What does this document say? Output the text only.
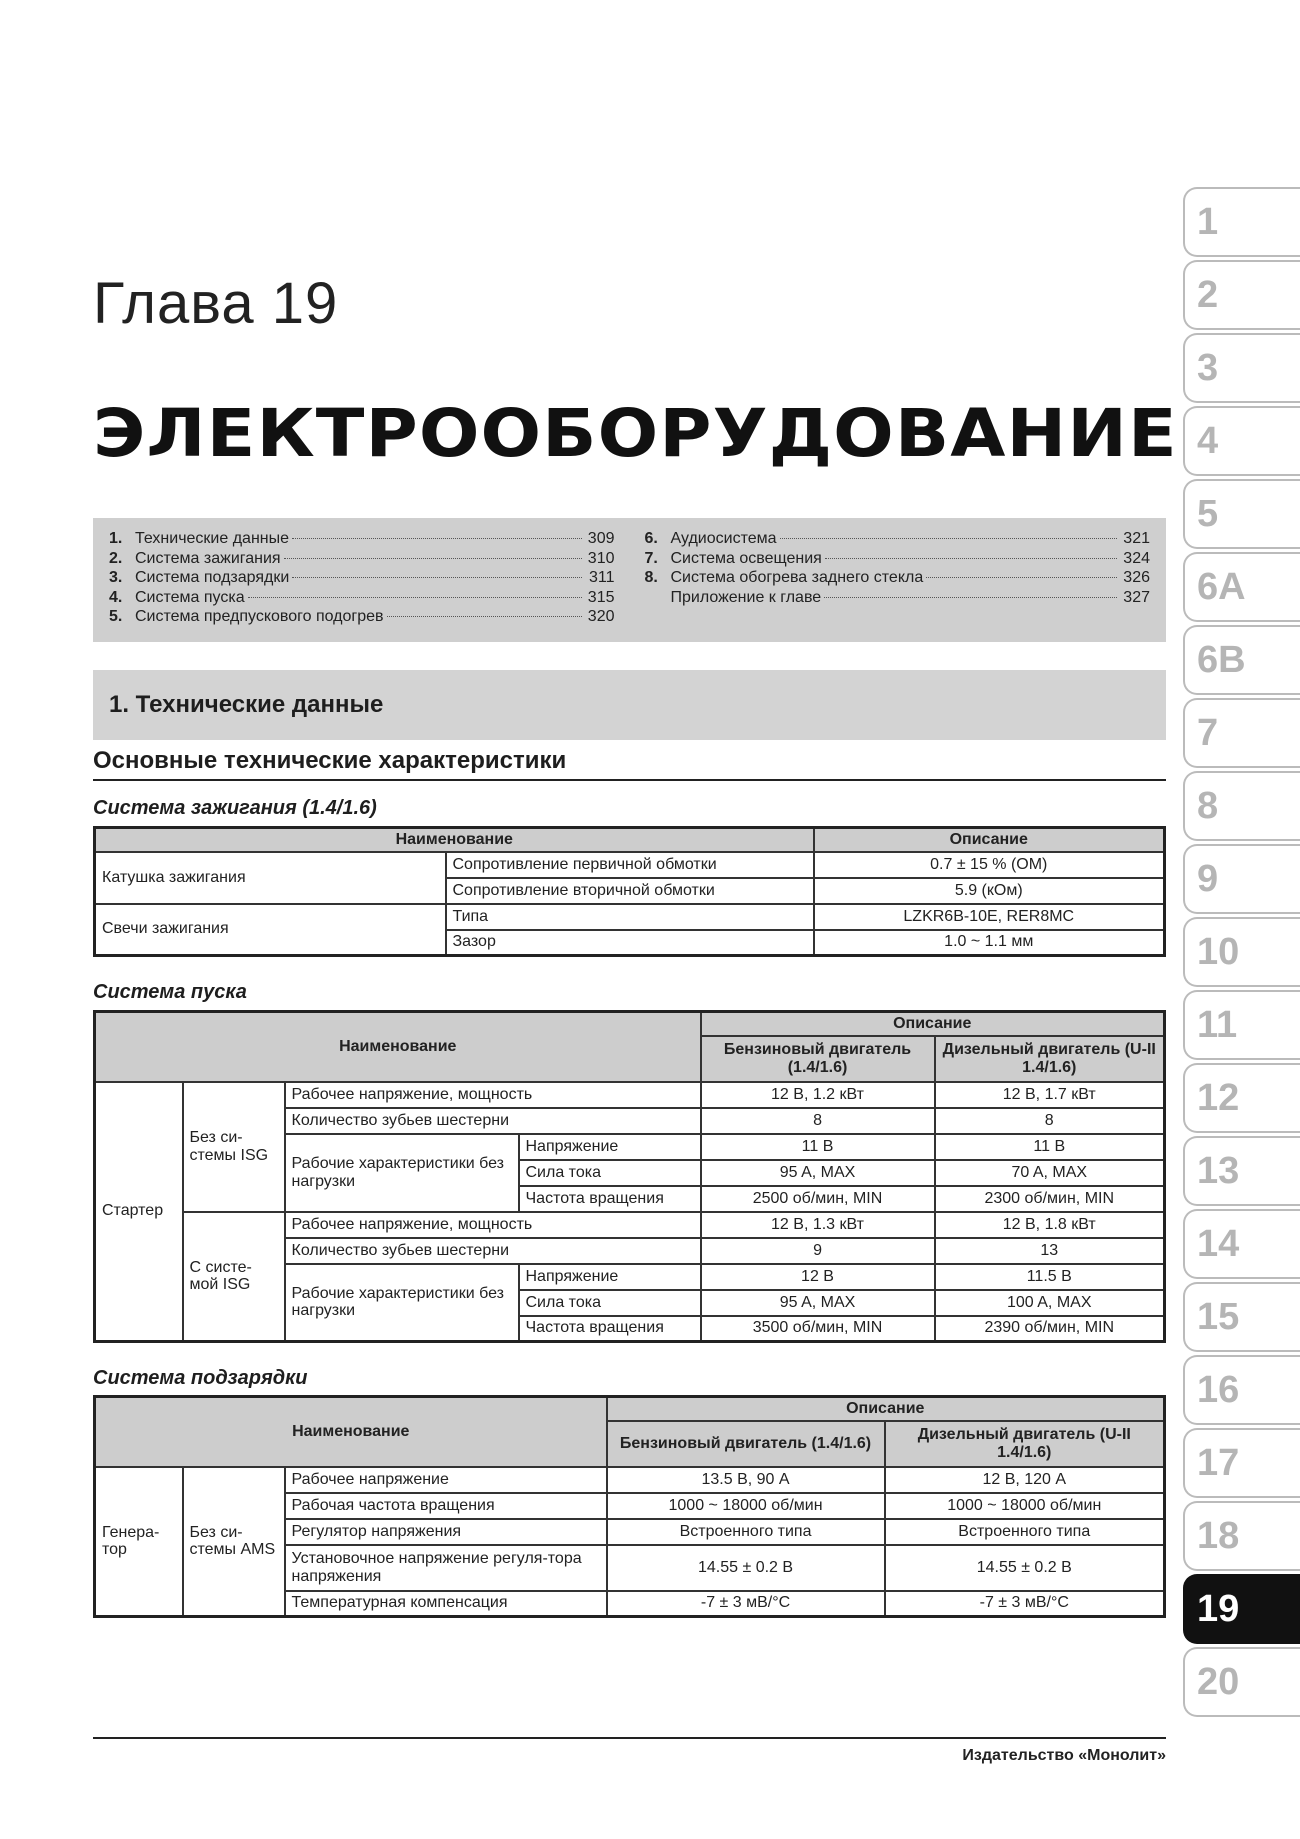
Глава 19
ЭЛЕКТРООБОРУДОВАНИЕ
1. Технические данные	309
2. Система зажигания	310
3. Система подзарядки	311
4. Система пуска	315
5. Система предпускового подогрев	320
6. Аудиосистема	321
7. Система освещения	324
8. Система обогрева заднего стекла	326
Приложение к главе	327
1. Технические данные
Основные технические характеристики
Система зажигания (1.4/1.6)
Наименование		Описание
Катушка зажигания	Сопротивление первичной обмотки	0.7 ± 15 % (ОМ)
	Сопротивление вторичной обмотки	5.9 (кОм)
Свечи зажигания	Типа	LZKR6B-10E, RER8MC
	Зазор	1.0 ~ 1.1 мм
Система пуска
Наименование				Описание	
				Бензиновый двигатель (1.4/1.6)	Дизельный двигатель (U-II 1.4/1.6)
Стартер	Без си-стемы ISG	Рабочее напряжение, мощность		12 В, 1.2 кВт	12 В, 1.7 кВт
		Количество зубьев шестерни		8	8
		Рабочие характеристики без нагрузки	Напряжение	11 В	11 В
			Сила тока	95 A, MAX	70 A, MAX
			Частота вращения	2500 об/мин, MIN	2300 об/мин, MIN
	С систе-мой ISG	Рабочее напряжение, мощность		12 В, 1.3 кВт	12 В, 1.8 кВт
		Количество зубьев шестерни		9	13
		Рабочие характеристики без нагрузки	Напряжение	12 В	11.5 В
			Сила тока	95 A, MAX	100 A, MAX
			Частота вращения	3500 об/мин, MIN	2390 об/мин, MIN
Система подзарядки
Наименование			Описание	
			Бензиновый двигатель (1.4/1.6)	Дизельный двигатель (U-II 1.4/1.6)
Генера-тор	Без си-стемы AMS	Рабочее напряжение	13.5 В, 90 А	12 В, 120 А
		Рабочая частота вращения	1000 ~ 18000 об/мин	1000 ~ 18000 об/мин
		Регулятор напряжения	Встроенного типа	Встроенного типа
		Установочное напряжение регуля-тора напряжения	14.55 ± 0.2 В	14.55 ± 0.2 В
		Температурная компенсация	-7 ± 3 мВ/°С	-7 ± 3 мВ/°С
1
2
3
4
5
6A
6B
7
8
9
10
11
12
13
14
15
16
17
18
19
20
Издательство «Монолит»
